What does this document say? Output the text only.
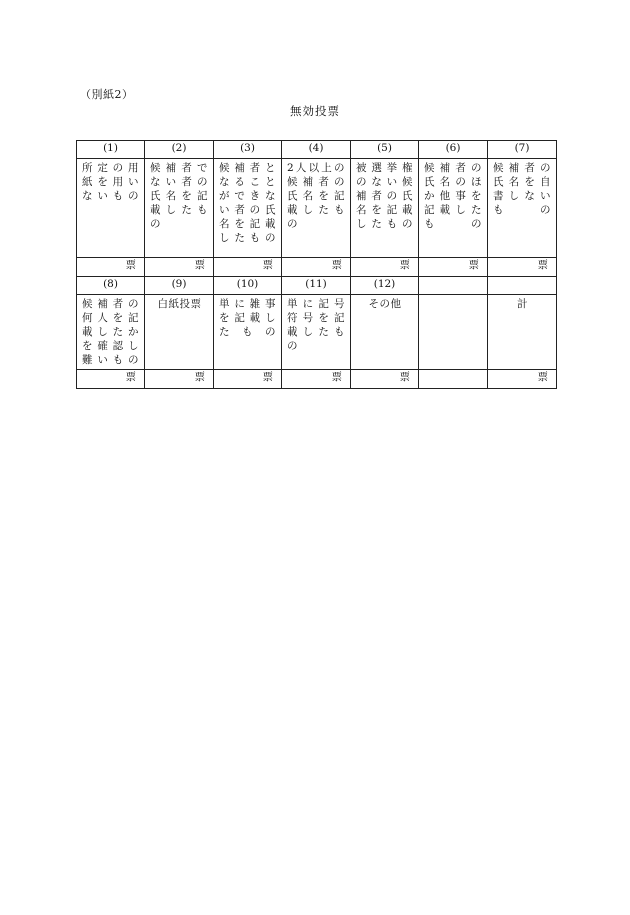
（別紙2）
無効投票
(1)	(2)	(3)	(4)	(5)	(6)	(7)

所定の用紙を用いないもの	候補者でない者の氏名を記載したもの	候補者となることができない者の氏名を記載したもの	2人以上の候補者の氏名を記載したもの	被選挙権のない候補者の氏名を記載したもの	候補者の氏名のほか他事を記載したもの	候補者の氏名を自書しないもの

票	票	票	票	票	票	票
(8)	(9)	(10)	(11)	(12)		

候補者の何人を記載したかを確認し難いもの	白紙投票	単に雑事を記載したもの	単に記号符号を記載したもの	その他		計

票	票	票	票	票		票
